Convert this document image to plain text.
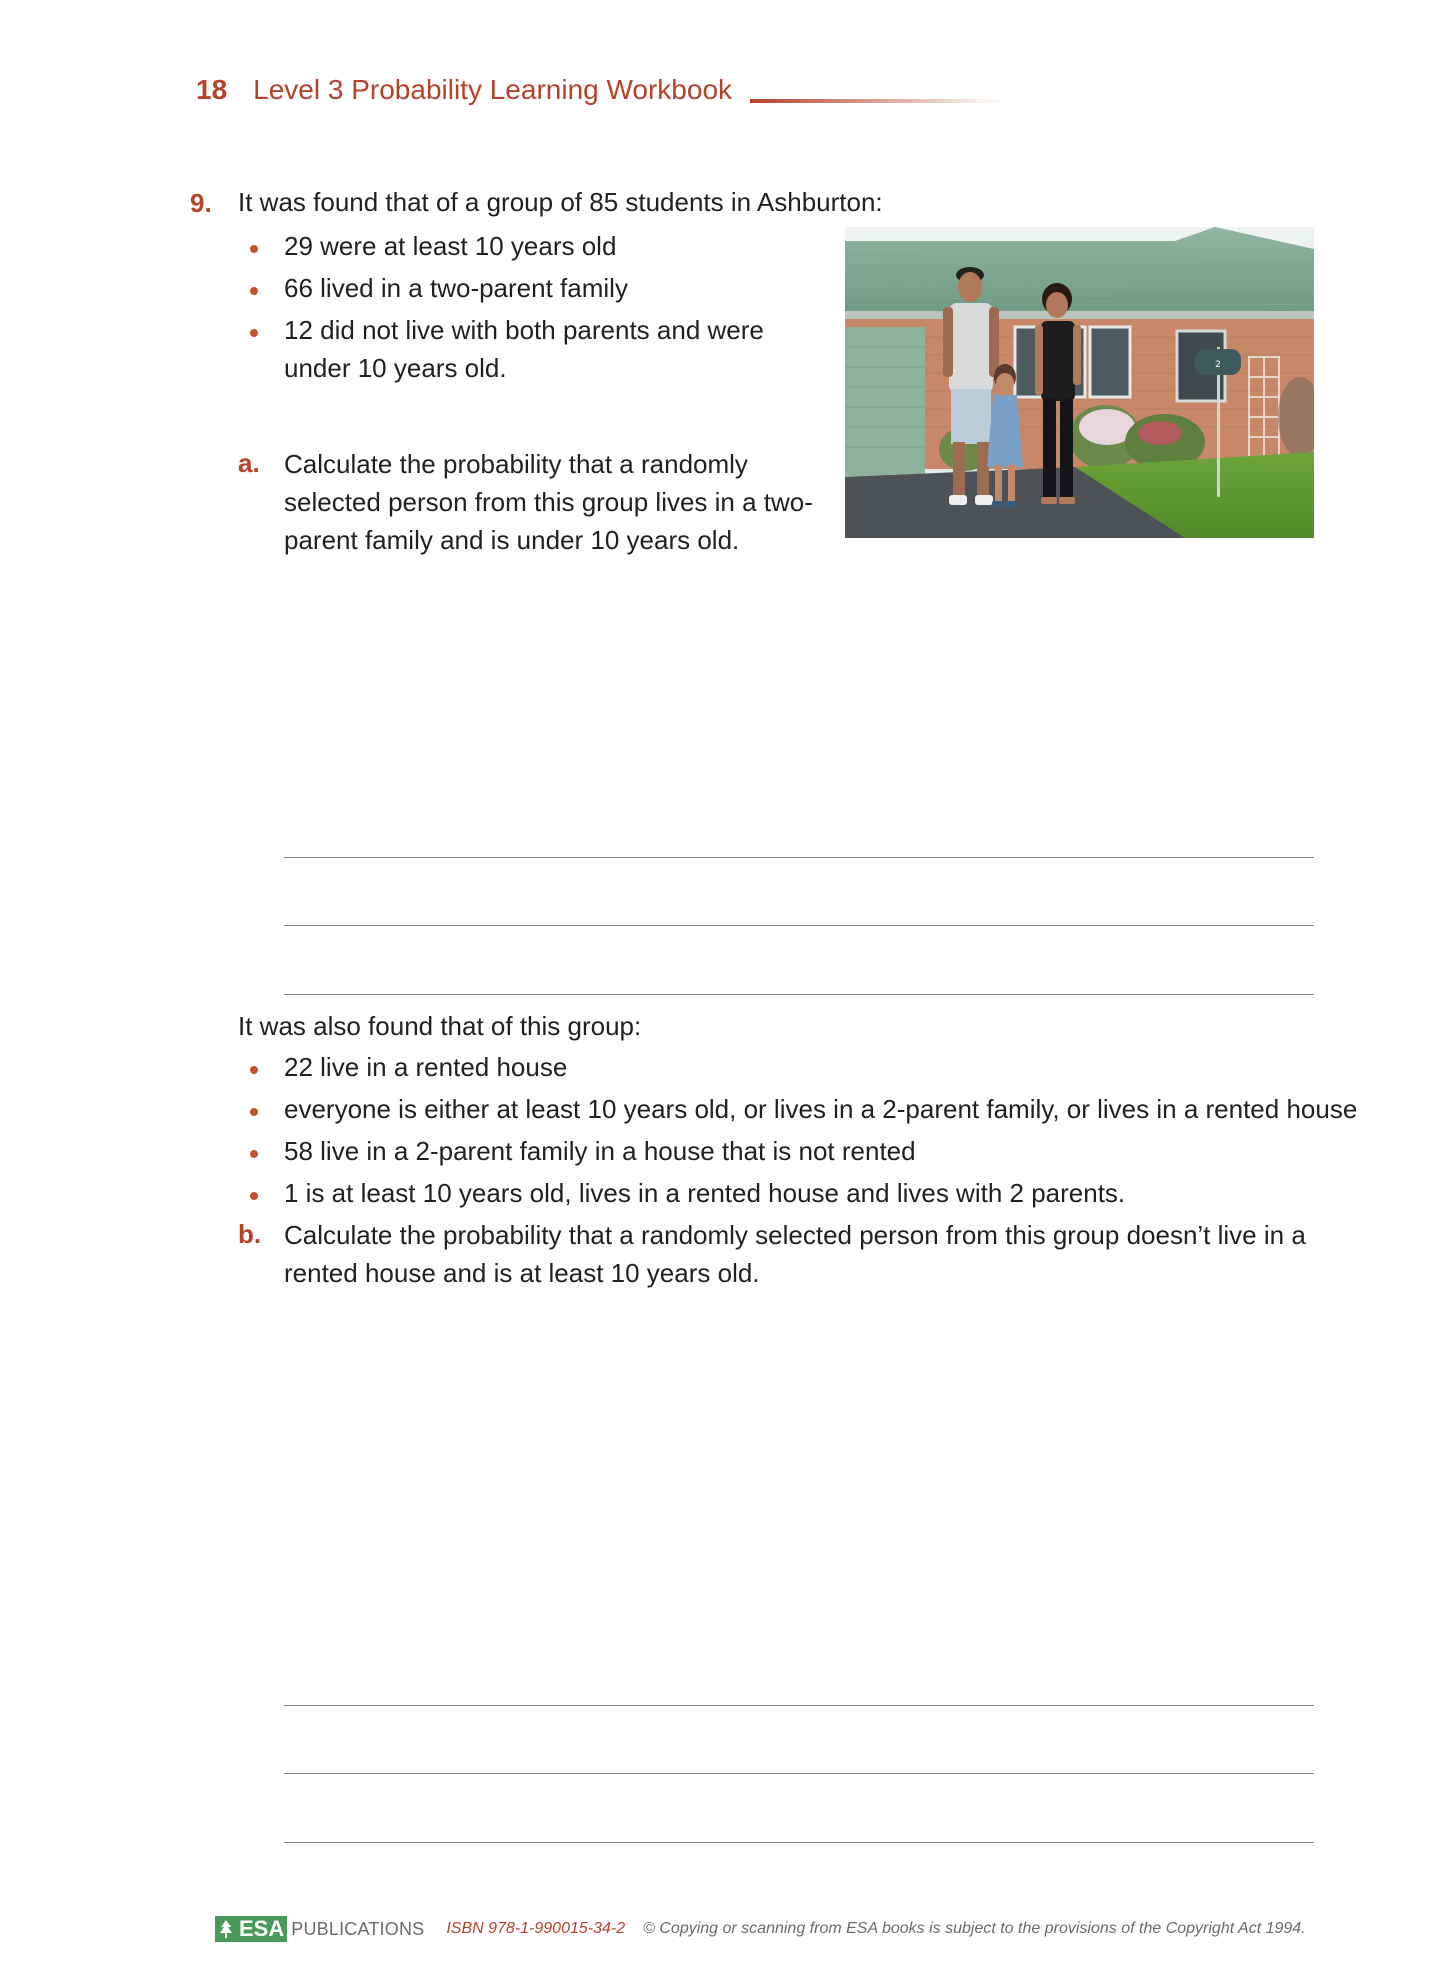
18 Level 3 Probability Learning Workbook
9. It was found that of a group of 85 students in Ashburton:
29 were at least 10 years old
66 lived in a two-parent family
12 did not live with both parents and were
under 10 years old.
a. Calculate the probability that a randomly
selected person from this group lives in a two-
parent family and is under 10 years old.
2
It was also found that of this group:
22 live in a rented house
everyone is either at least 10 years old, or lives in a 2-parent family, or lives in a rented house
58 live in a 2-parent family in a house that is not rented
1 is at least 10 years old, lives in a rented house and lives with 2 parents.
b. Calculate the probability that a randomly selected person from this group doesn’t live in a
rented house and is at least 10 years old.
ESA PUBLICATIONS ISBN 978-1-990015-34-2 © Copying or scanning from ESA books is subject to the provisions of the Copyright Act 1994.
